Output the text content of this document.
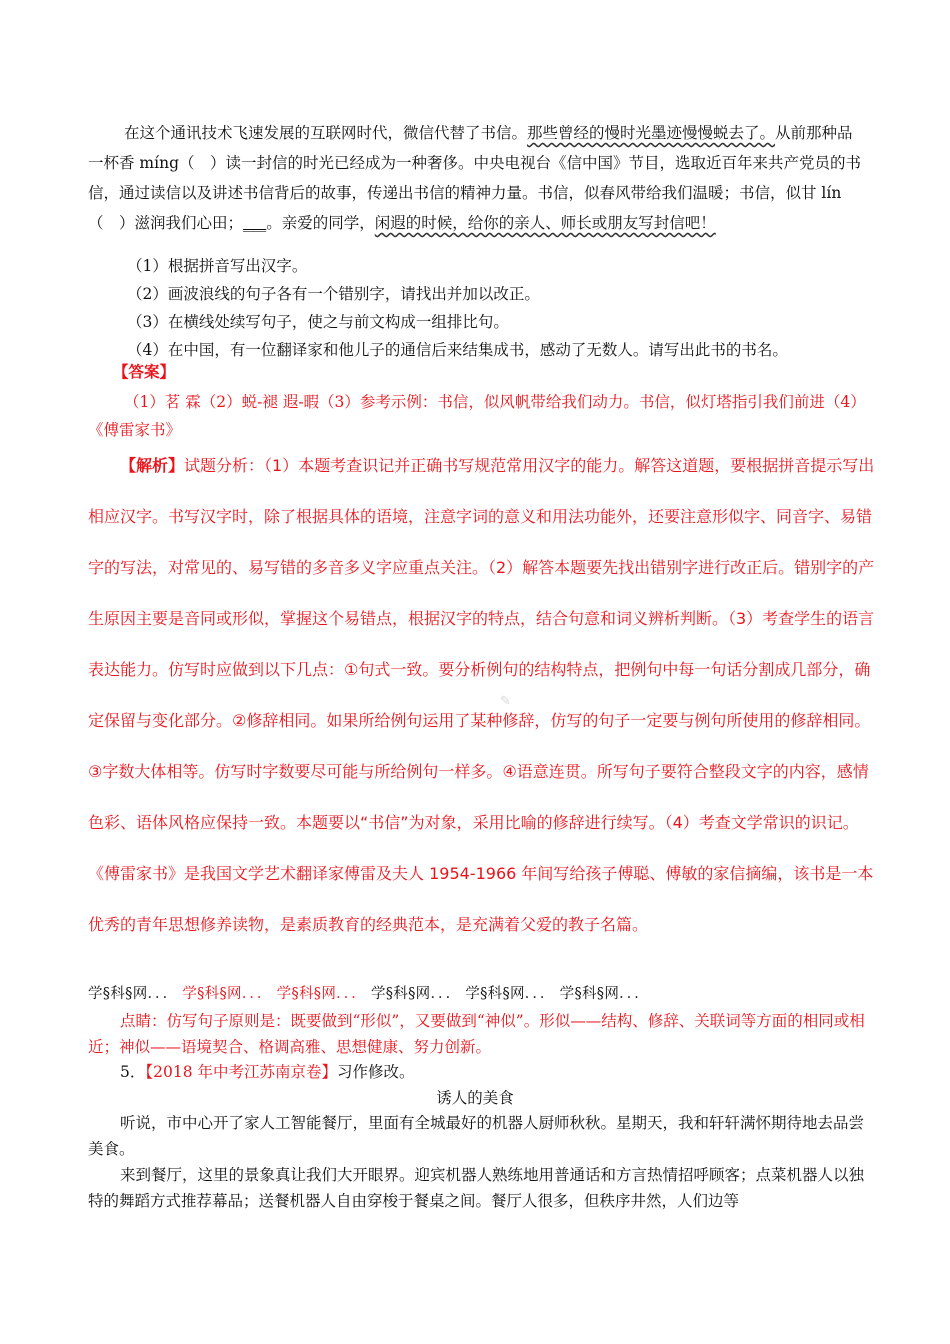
在这个通讯技术飞速发展的互联网时代，微信代替了书信。那些曾经的慢时光墨迹慢慢蜕去了。从前那种品一杯香 míng（　）读一封信的时光已经成为一种奢侈。中央电视台《信中国》节目，选取近百年来共产党员的书信，通过读信以及讲述书信背后的故事，传递出书信的精神力量。书信，似春风带给我们温暖；书信，似甘 lín（　）滋润我们心田；___。亲爱的同学，闲遐的时候，给你的亲人、师长或朋友写封信吧！

（1）根据拼音写出汉字。
（2）画波浪线的句子各有一个错别字，请找出并加以改正。
（3）在横线处续写句子，使之与前文构成一组排比句。
（4）在中国，有一位翻译家和他儿子的通信后来结集成书，感动了无数人。请写出此书的书名。
【答案】

（1）茗 霖（2）蜕-褪 遐-暇（3）参考示例：书信，似风帆带给我们动力。书信，似灯塔指引我们前进（4）《傅雷家书》

【解析】试题分析：（1）本题考查识记并正确书写规范常用汉字的能力。解答这道题，要根据拼音提示写出相应汉字。书写汉字时，除了根据具体的语境，注意字词的意义和用法功能外，还要注意形似字、同音字、易错字的写法，对常见的、易写错的多音多义字应重点关注。（2）解答本题要先找出错别字进行改正后。错别字的产生原因主要是音同或形似，掌握这个易错点，根据汉字的特点，结合句意和词义辨析判断。（3）考查学生的语言表达能力。仿写时应做到以下几点：①句式一致。要分析例句的结构特点，把例句中每一句话分割成几部分，确定保留与变化部分。②修辞相同。如果所给例句运用了某种修辞，仿写的句子一定要与例句所使用的修辞相同。③字数大体相等。仿写时字数要尽可能与所给例句一样多。④语意连贯。所写句子要符合整段文字的内容，感情色彩、语体风格应保持一致。本题要以“书信”为对象，采用比喻的修辞进行续写。（4）考查文学常识的识记。《傅雷家书》是我国文学艺术翻译家傅雷及夫人 1954-1966 年间写给孩子傅聪、傅敏的家信摘编，该书是一本优秀的青年思想修养读物，是素质教育的经典范本，是充满着父爱的教子名篇。

✎
学§科§网．．． 学§科§网．．． 学§科§网．．． 学§科§网．．． 学§科§网．．． 学§科§网．．．

点睛：仿写句子原则是：既要做到“形似”，又要做到“神似”。形似——结构、修辞、关联词等方面的相同或相近；神似——语境契合、格调高雅、思想健康、努力创新。

5．【2018 年中考江苏南京卷】习作修改。
诱人的美食

听说，市中心开了家人工智能餐厅，里面有全城最好的机器人厨师秋秋。星期天，我和轩轩满怀期待地去品尝美食。

来到餐厅，这里的景象真让我们大开眼界。迎宾机器人熟练地用普通话和方言热情招呼顾客；点菜机器人以独特的舞蹈方式推荐幕品；送餐机器人自由穿梭于餐桌之间。餐厅人很多，但秩序井然，人们边等
